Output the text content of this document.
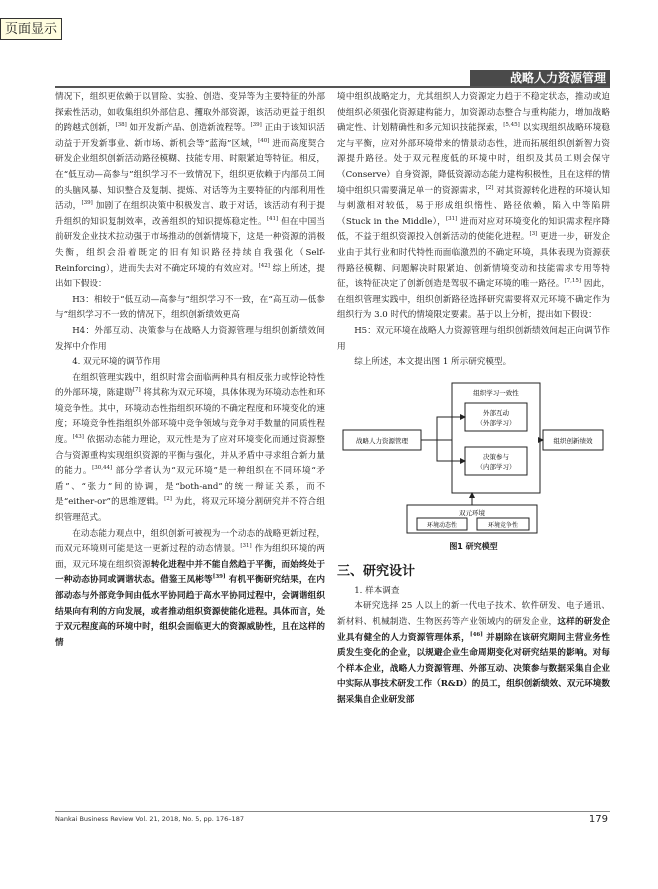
页面显示
战略人力资源管理

情况下，组织更依赖于以冒险、实验、创造、变异等为主要特征的外部探索性活动，如收集组织外部信息、攫取外部资源，该活动更益于组织的跨越式创新，[38] 如开发新产品、创造新流程等。[39] 正由于该知识活动益于开发新事业、新市场、新机会等“蓝海”区域，[40] 进而高度契合研发企业组织创新活动路径模糊、技能专用、时限紧迫等特征。相反，在“低互动—高参与”组织学习不一致情况下，组织更依赖于内部员工间的头脑风暴、知识整合及复制、提炼、对话等为主要特征的内部利用性活动，[39] 加剧了在组织决策中积极发言、敢于对话，该活动有利于提升组织的知识复制效率，改善组织的知识提炼稳定性。[41] 但在中国当前研发企业技术拉动强于市场推动的创新情境下，这是一种资源的消极失衡，组织会沿着既定的旧有知识路径持续自我强化（Self-Reinforcing），进而失去对不确定环境的有效应对。[42] 综上所述，提出如下假设：

H3：相较于“低互动—高参与”组织学习不一致，在“高互动—低参与”组织学习不一致的情况下，组织创新绩效更高

H4：外部互动、决策参与在战略人力资源管理与组织创新绩效间发挥中介作用

4. 双元环境的调节作用

在组织管理实践中，组织时常会面临两种具有相反张力或悖论特性的外部环境，陈建勋[7] 将其称为双元环境，具体体现为环境动态性和环境竞争性。其中，环境动态性指组织环境的不确定程度和环境变化的速度；环境竞争性指组织外部环境中竞争领域与竞争对手数量的同质性程度。[43] 依据动态能力理论，双元性是为了应对环境变化而通过资源整合与资源重构实现组织资源的平衡与强化，并从矛盾中寻求组合新力量的能力。[30,44] 部分学者认为“双元环境”是一种组织在不同环境“矛盾”、“张力”间的协调，是“both-and”的统一辩证关系，而不是“either-or”的思维逻辑。[2] 为此，将双元环境分割研究并不符合组织管理范式。

在动态能力观点中，组织创新可被视为一个动态的战略更新过程，而双元环境则可能是这一更新过程的动态情景。[31] 作为组织环境的两面，双元环境在组织资源转化进程中并不能自然趋于平衡，而始终处于一种动态协同或调谐状态。借鉴王凤彬等[39] 有机平衡研究结果，在内部动态与外部竞争间由低水平协同趋于高水平协同过程中，会调谐组织结果向有利的方向发展，或者推动组织资源使能化进程。具体而言，处于双元程度高的环境中时，组织会面临更大的资源威胁性，且在这样的情

境中组织战略定力，尤其组织人力资源定力趋于不稳定状态，推动或迫使组织必须强化资源建构能力，加资源动态整合与重构能力，增加战略确定性、计划精确性和多元知识技能探索，[5,45] 以实现组织战略环境稳定与平衡，应对外部环境带来的情景动态性，进而拓展组织创新智力资源提升路径。处于双元程度低的环境中时，组织及其员工则会保守（Conserve）自身资源，降低资源动态能力建构积极性，且在这样的情境中组织只需要满足单一的资源需求，[2] 对其资源转化进程的环境认知与刺激相对较低，易于形成组织惰性、路径依赖，陷入中等陷阱（Stuck in the Middle），[31] 进而对应对环境变化的知识需求程序降低，不益于组织资源投入创新活动的使能化进程。[3] 更进一步，研发企业由于其行业和时代特性而面临激烈的不确定环境，具体表现为资源获得路径模糊、问题解决时限紧迫、创新情境变动和技能需求专用等特征，该特征决定了创新创造是驾驭不确定环境的唯一路径。[7,15] 因此，在组织管理实践中，组织创新路径选择研究需要将双元环境不确定作为组织行为 3.0 时代的情境限定要素。基于以上分析，提出如下假设：

H5：双元环境在战略人力资源管理与组织创新绩效间起正向调节作用

综上所述，本文提出图 1 所示研究模型。

组织学习一致性
外部互动
（外部学习）
决策参与
（内部学习）
战略人力资源管理	组织创新绩效
双元环境
环境动态性	环境竞争性
图1 研究模型
三、研究设计

1. 样本调查

本研究选择 25 人以上的新一代电子技术、软件研发、电子通讯、新材料、机械制造、生物医药等产业领域内的研发企业，这样的研发企业具有健全的人力资源管理体系，[46] 并剔除在该研究期间主营业务性质发生变化的企业，以规避企业生命周期变化对研究结果的影响。对每个样本企业，战略人力资源管理、外部互动、决策参与数据采集自企业中实际从事技术研发工作（R&D）的员工，组织创新绩效、双元环境数据采集自企业研发部

Nankai Business Review Vol. 21, 2018, No. 5, pp. 176–187	179
